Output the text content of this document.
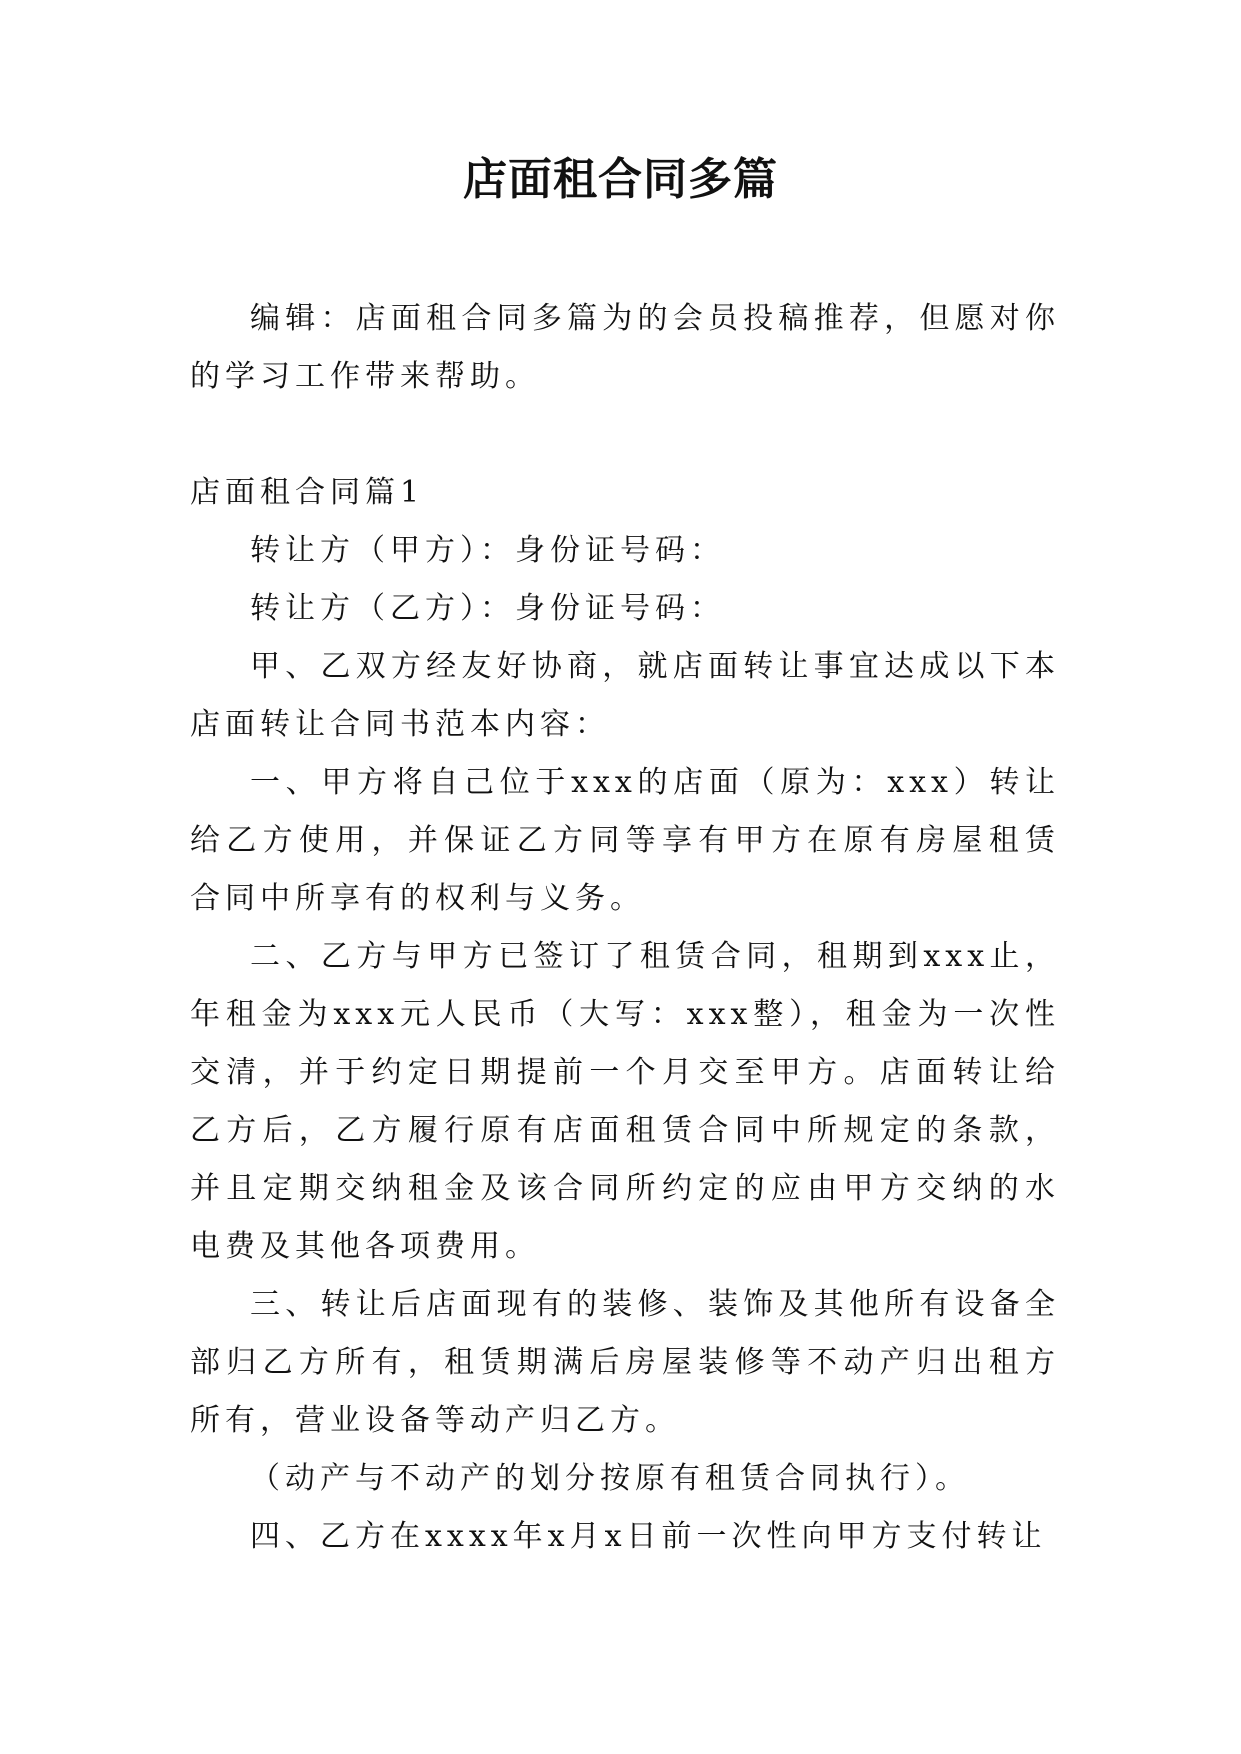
店面租合同多篇

编辑：店面租合同多篇为的会员投稿推荐，但愿对你的学习工作带来帮助。

店面租合同篇1

转让方（甲方）：身份证号码：

转让方（乙方）：身份证号码：

甲、乙双方经友好协商，就店面转让事宜达成以下本店面转让合同书范本内容：

一、甲方将自己位于xxx的店面（原为：xxx）转让给乙方使用，并保证乙方同等享有甲方在原有房屋租赁合同中所享有的权利与义务。

二、乙方与甲方已签订了租赁合同，租期到xxx止，年租金为xxx元人民币（大写：xxx整），租金为一次性交清，并于约定日期提前一个月交至甲方。店面转让给乙方后，乙方履行原有店面租赁合同中所规定的条款，并且定期交纳租金及该合同所约定的应由甲方交纳的水电费及其他各项费用。

三、转让后店面现有的装修、装饰及其他所有设备全部归乙方所有，租赁期满后房屋装修等不动产归出租方所有，营业设备等动产归乙方。

（动产与不动产的划分按原有租赁合同执行）。

四、乙方在xxxx年x月x日前一次性向甲方支付转让
